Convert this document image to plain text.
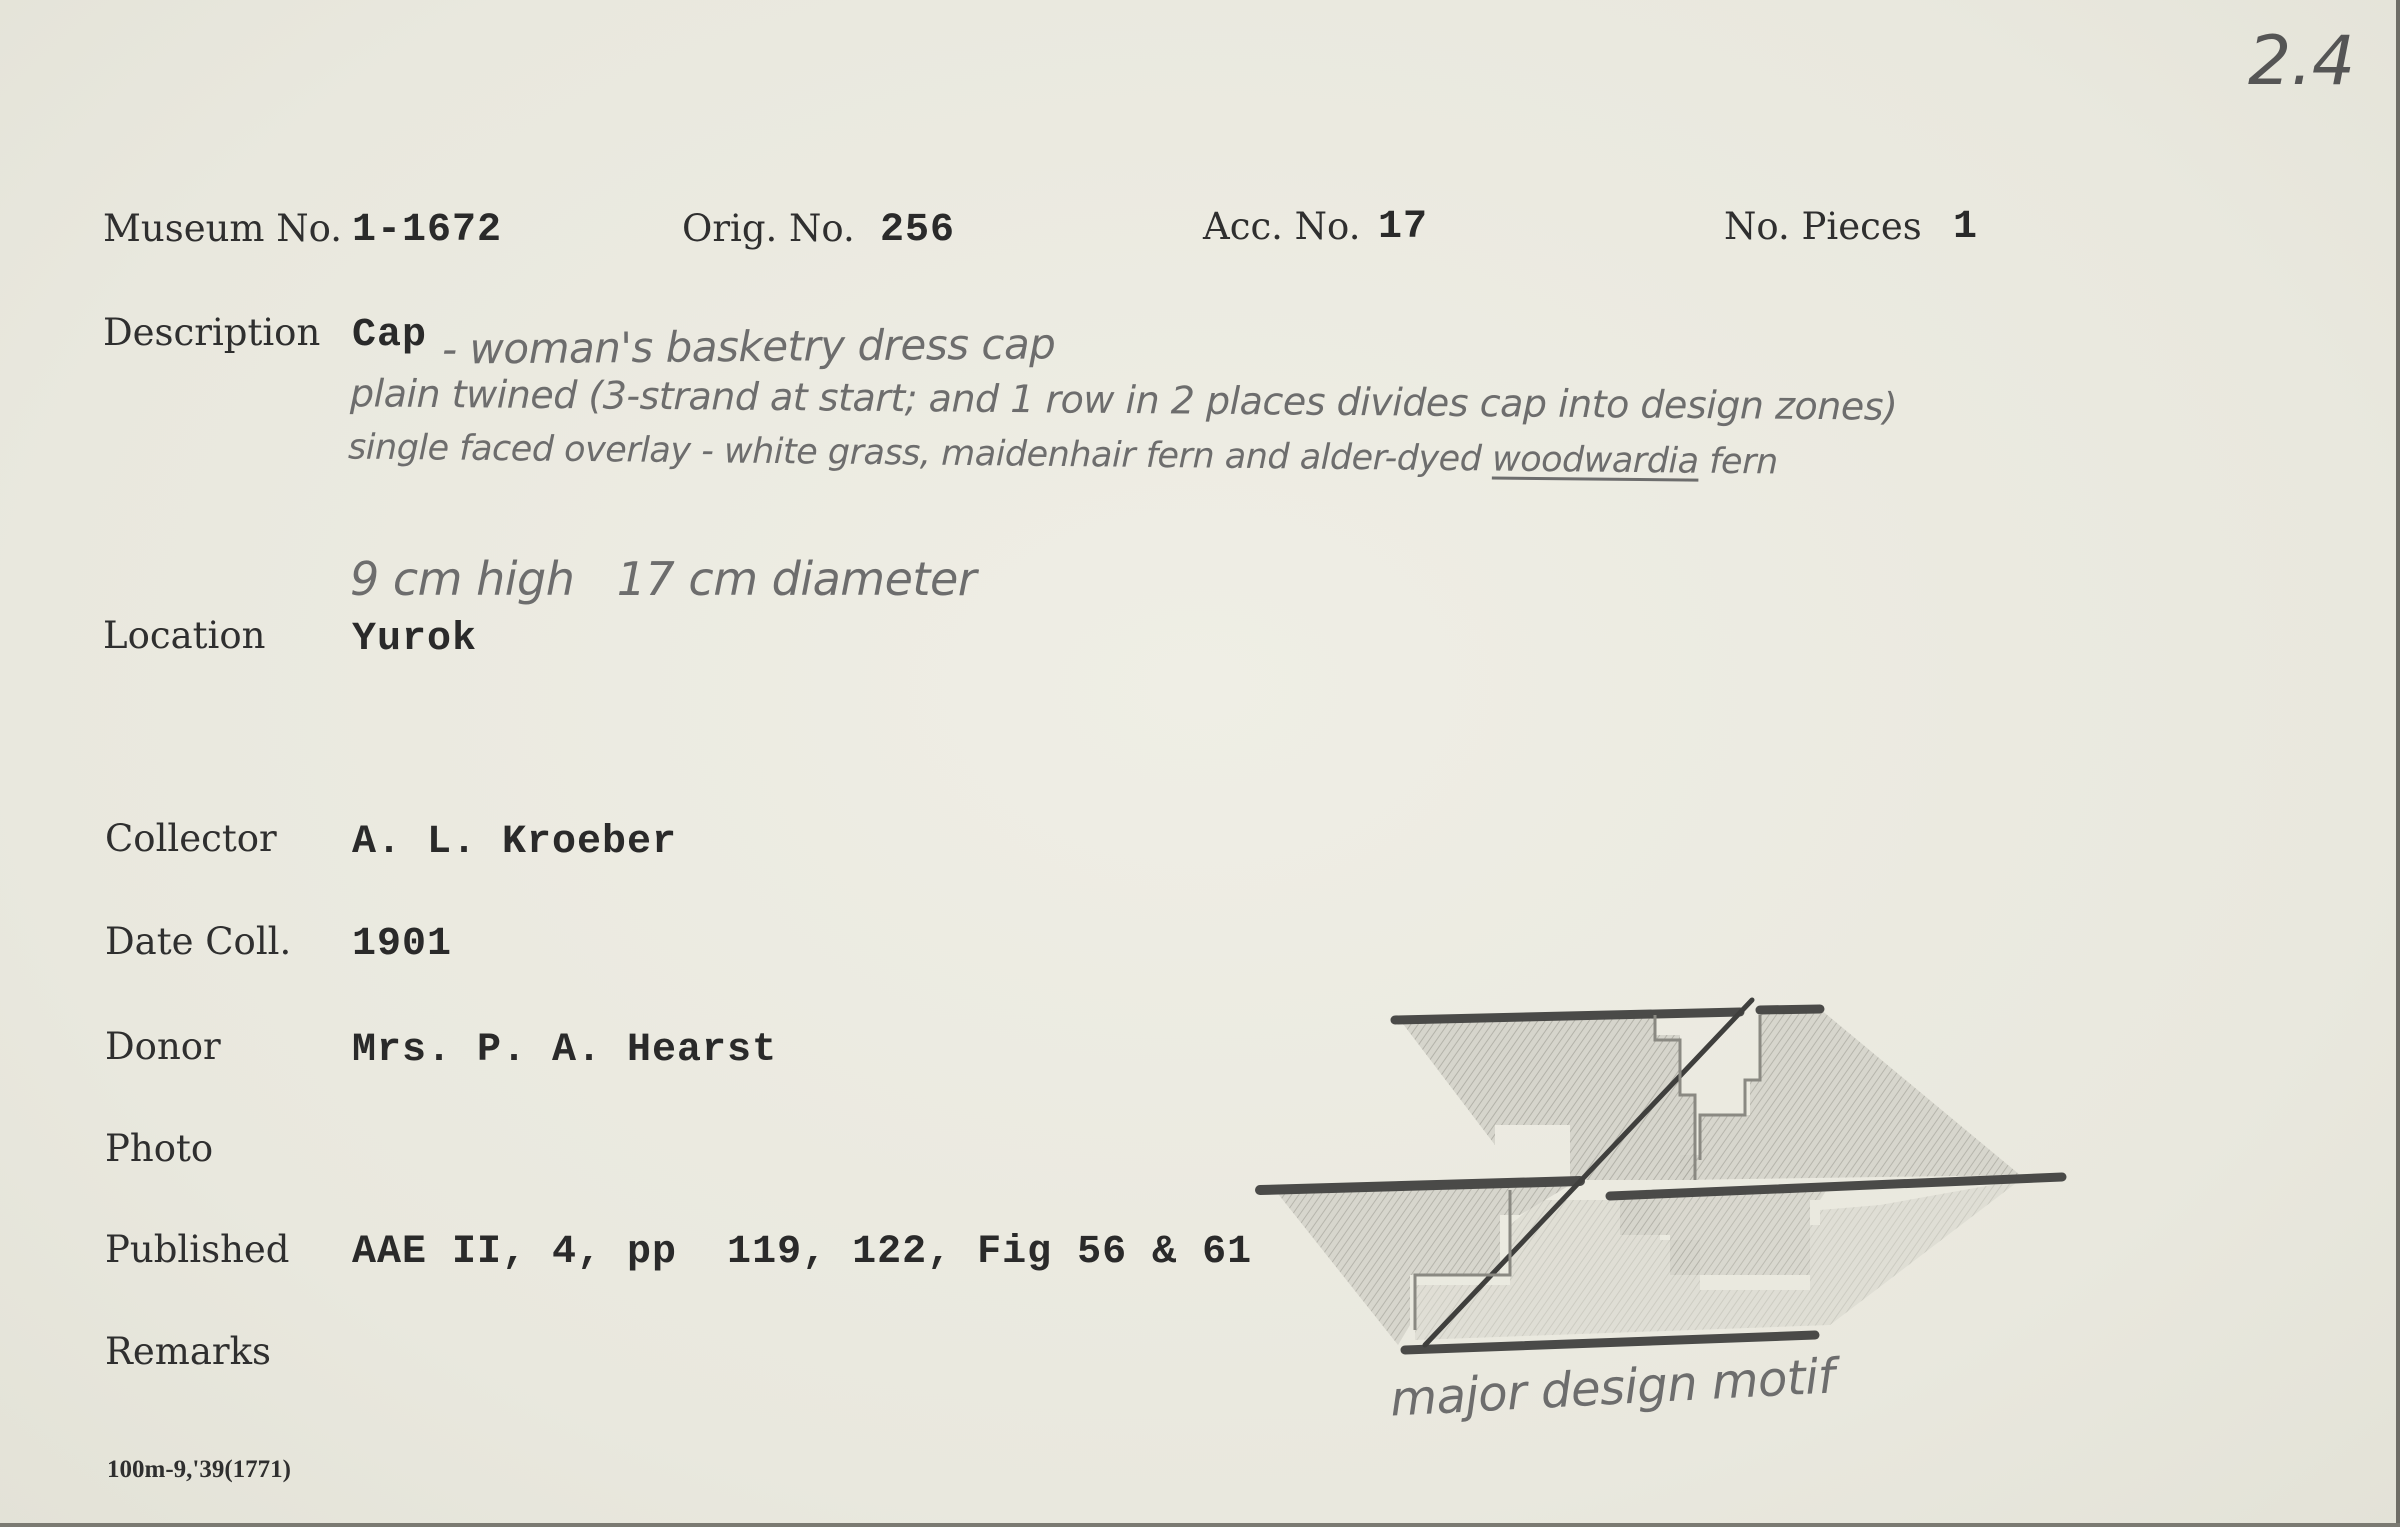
2.4
Museum No. 1-1672	Orig. No. 256	Acc. No. 17	No. Pieces 1
Description Cap - woman's basketry dress cap
plain twined (3-strand at start; and 1 row in 2 places divides cap into design zones)
single faced overlay - white grass, maidenhair fern and alder-dyed woodwardia fern
9 cm high   17 cm diameter
Location Yurok
Collector A. L. Kroeber
Date Coll. 1901
Donor	Mrs. P. A. Hearst
Photo
Published AAE II, 4, pp  119, 122, Fig 56 & 61
Remarks	major design motif
100m-9,'39(1771)
